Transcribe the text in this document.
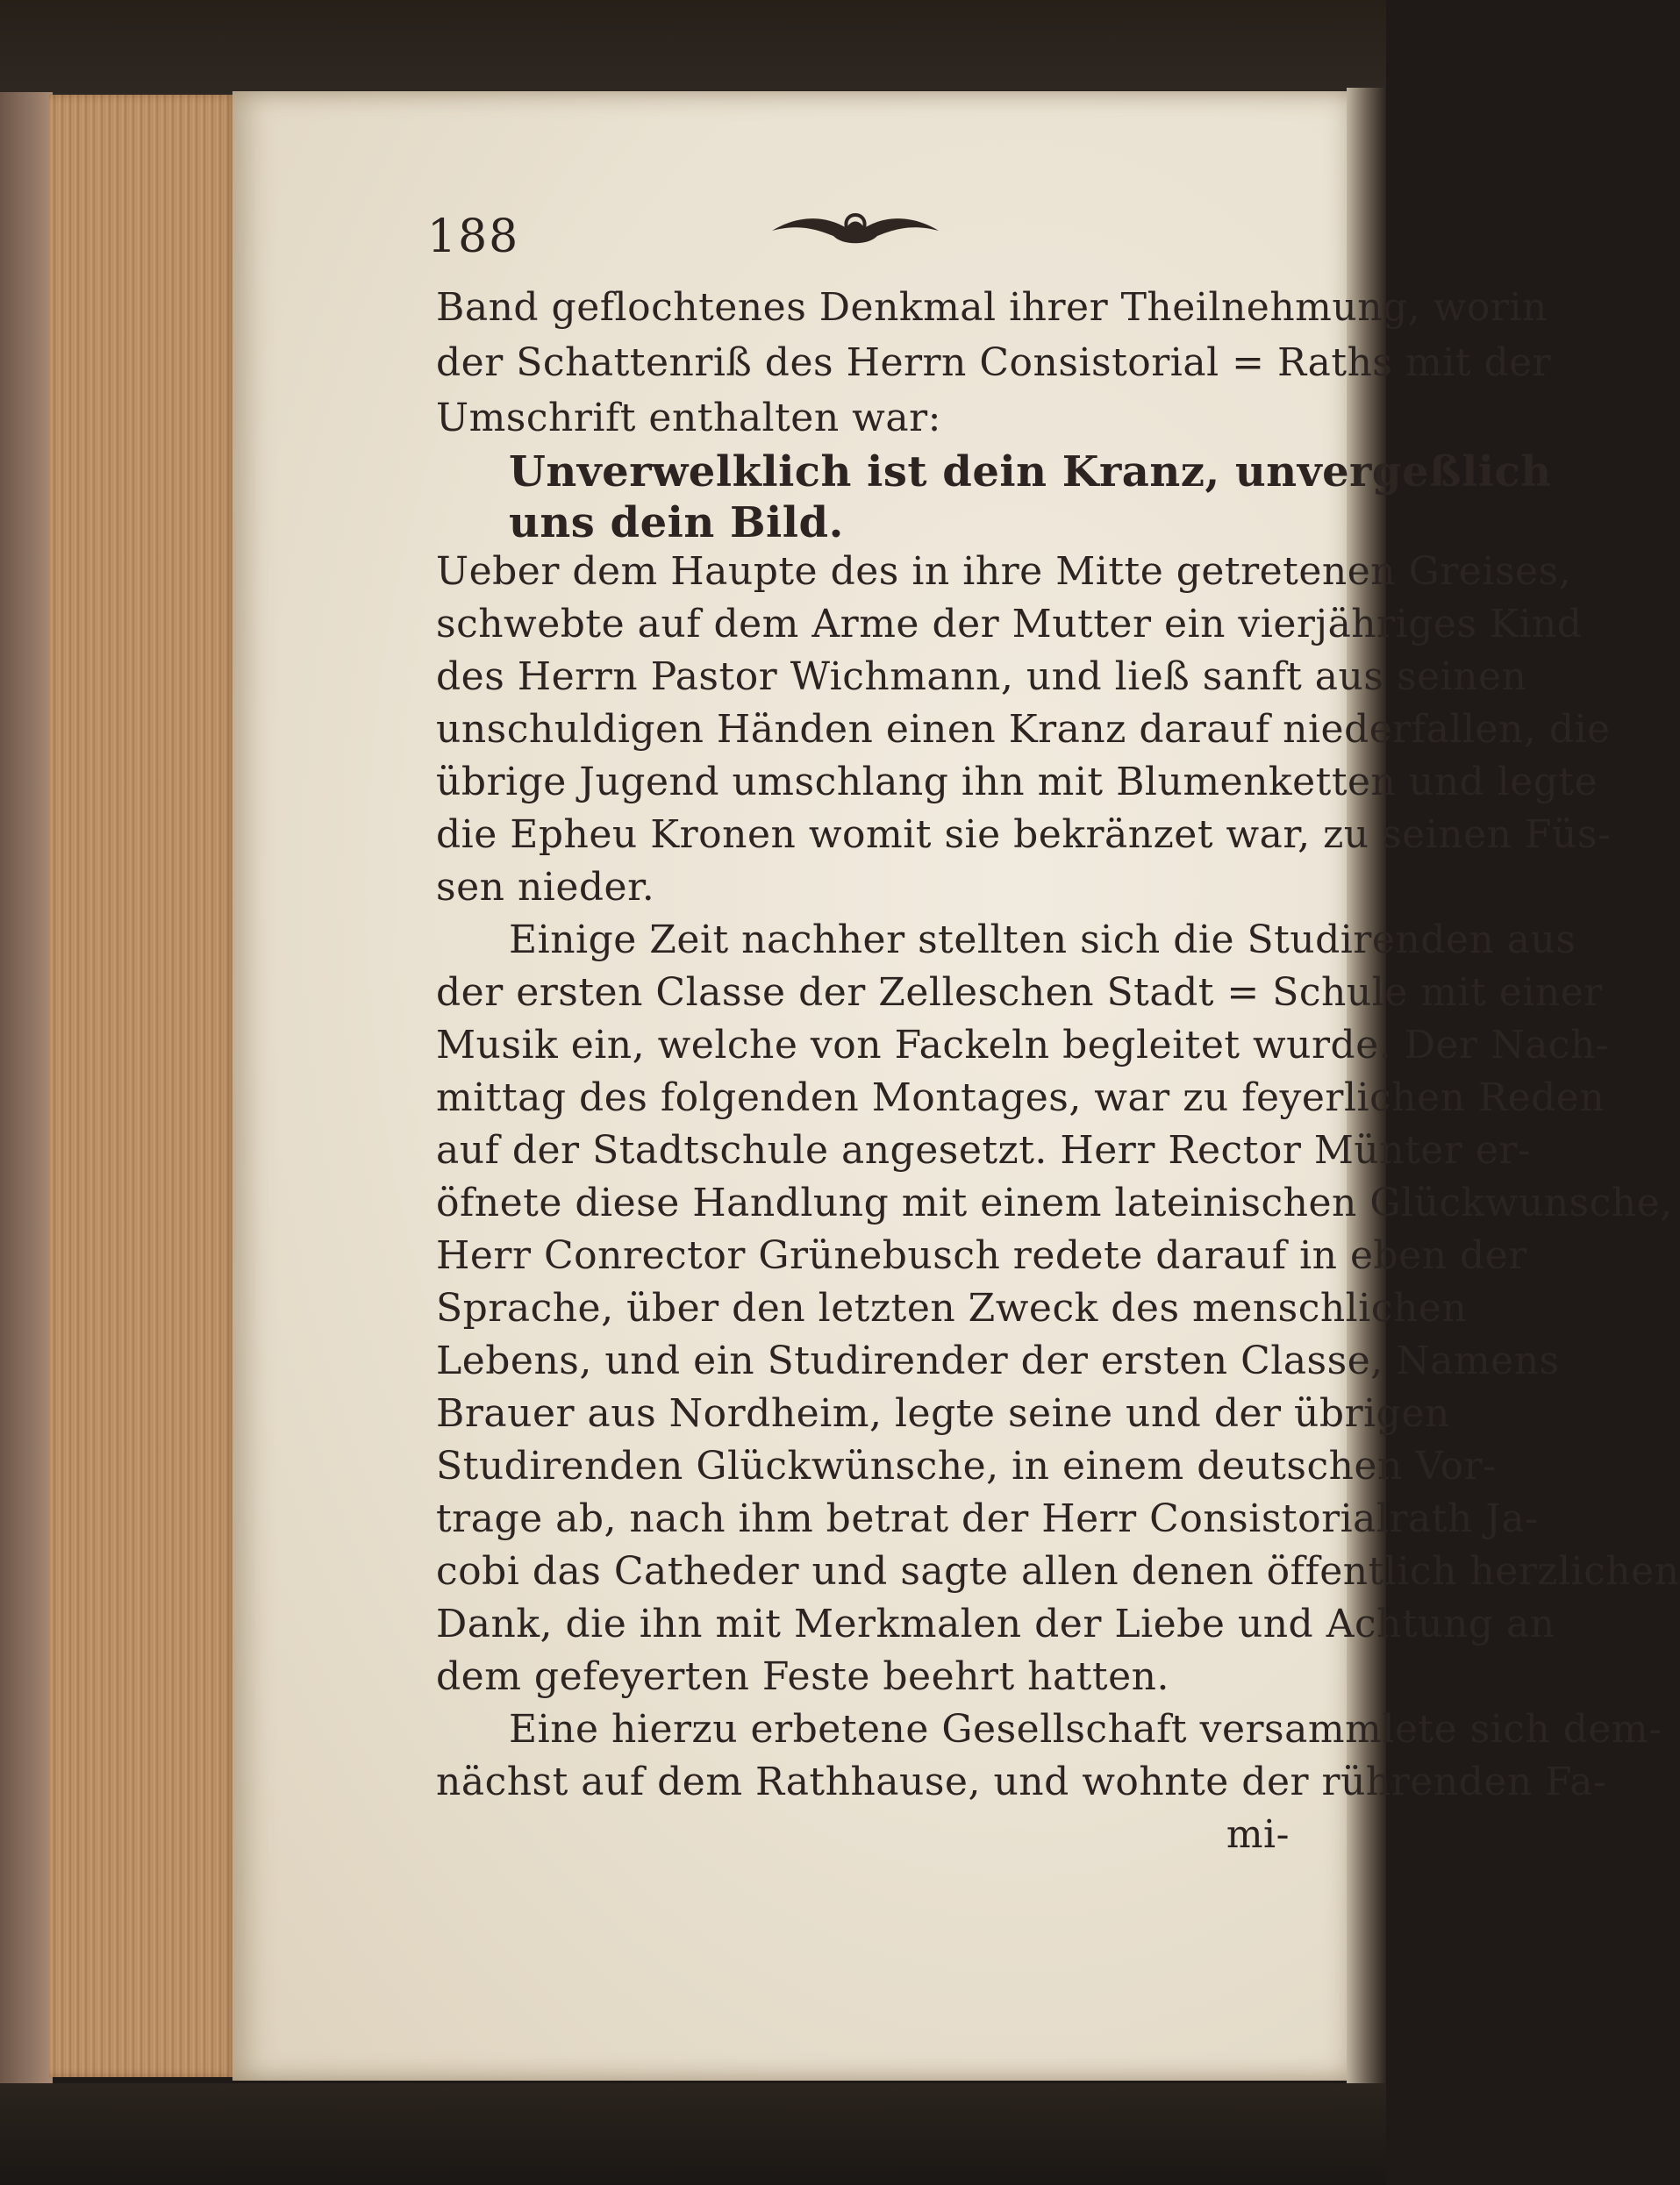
188
Band geflochtenes Denkmal ihrer Theilnehmung, worin
der Schattenriß des Herrn Consistorial = Raths mit der
Umschrift enthalten war:
Unverwelklich ist dein Kranz, unvergeßlich
uns dein Bild.
Ueber dem Haupte des in ihre Mitte getretenen Greises,
schwebte auf dem Arme der Mutter ein vierjähriges Kind
des Herrn Pastor Wichmann, und ließ sanft aus seinen
unschuldigen Händen einen Kranz darauf niederfallen, die
übrige Jugend umschlang ihn mit Blumenketten und legte
die Epheu Kronen womit sie bekränzet war, zu seinen Füs-
sen nieder.
Einige Zeit nachher stellten sich die Studirenden aus
der ersten Classe der Zelleschen Stadt = Schule mit einer
Musik ein, welche von Fackeln begleitet wurde. Der Nach-
mittag des folgenden Montages, war zu feyerlichen Reden
auf der Stadtschule angesetzt. Herr Rector Münter er-
öfnete diese Handlung mit einem lateinischen Glückwunsche,
Herr Conrector Grünebusch redete darauf in eben der
Sprache, über den letzten Zweck des menschlichen
Lebens, und ein Studirender der ersten Classe, Namens
Brauer aus Nordheim, legte seine und der übrigen
Studirenden Glückwünsche, in einem deutschen Vor-
trage ab, nach ihm betrat der Herr Consistorialrath Ja-
cobi das Catheder und sagte allen denen öffentlich herzlichen
Dank, die ihn mit Merkmalen der Liebe und Achtung an
dem gefeyerten Feste beehrt hatten.
Eine hierzu erbetene Gesellschaft versammlete sich dem-
nächst auf dem Rathhause, und wohnte der rührenden Fa-
mi-
